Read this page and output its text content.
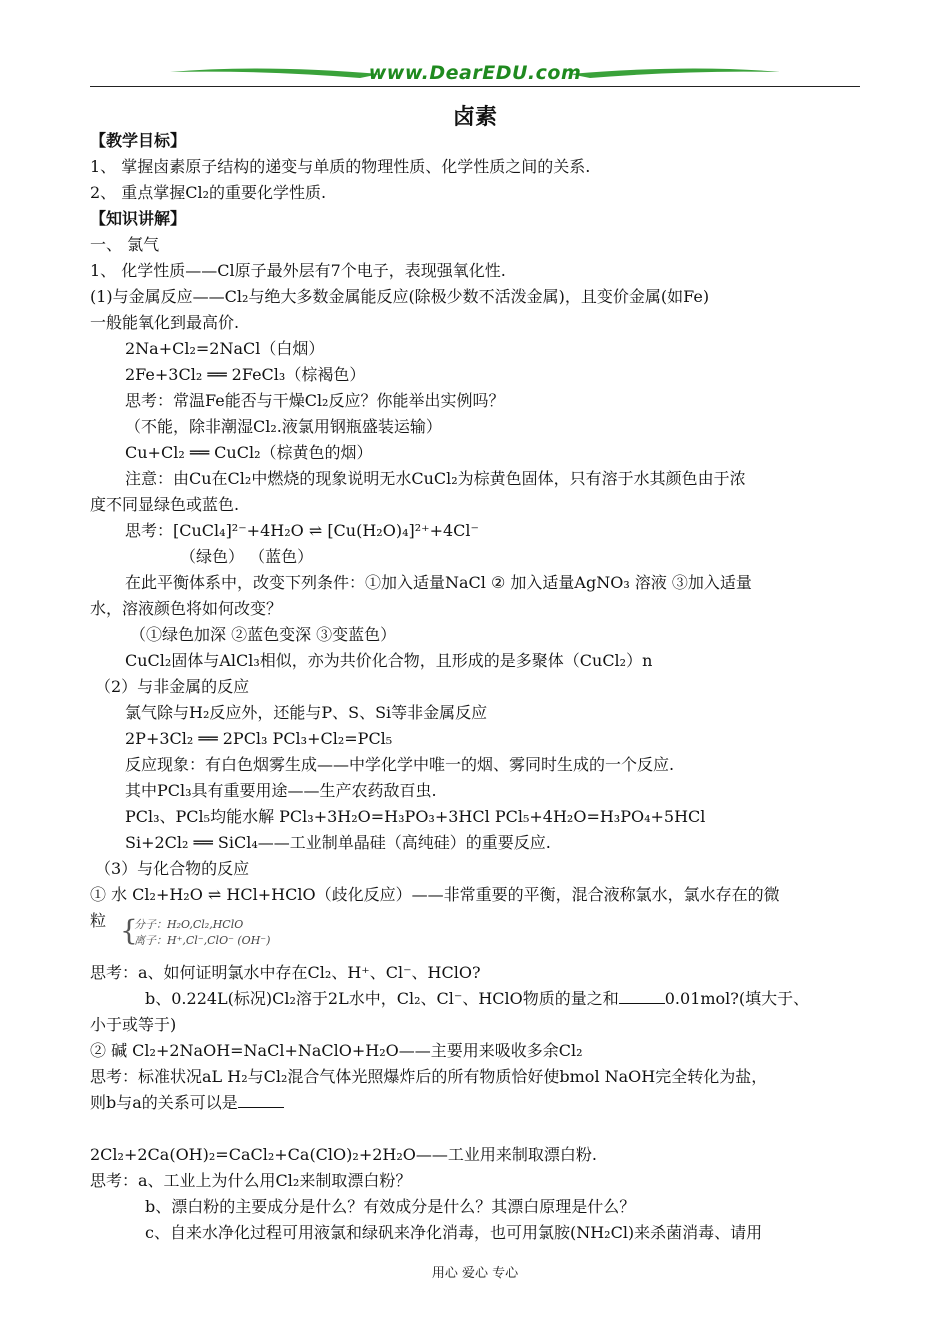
www.DearEDU.com
卤素
【教学目标】
1、 掌握卤素原子结构的递变与单质的物理性质、化学性质之间的关系.
2、 重点掌握Cl₂的重要化学性质.
【知识讲解】
一、 氯气
1、 化学性质——Cl原子最外层有7个电子，表现强氧化性.
(1)与金属反应——Cl₂与绝大多数金属能反应(除极少数不活泼金属)，且变价金属(如Fe)
一般能氧化到最高价.
2Na+Cl₂=2NaCl（白烟）
2Fe+3Cl₂ ══ 2FeCl₃（棕褐色）
思考：常温Fe能否与干燥Cl₂反应？你能举出实例吗？
（不能，除非潮湿Cl₂.液氯用钢瓶盛装运输）
Cu+Cl₂ ══ CuCl₂（棕黄色的烟）
注意：由Cu在Cl₂中燃烧的现象说明无水CuCl₂为棕黄色固体，只有溶于水其颜色由于浓
度不同显绿色或蓝色.
思考：[CuCl₄]²⁻+4H₂O ⇌ [Cu(H₂O)₄]²⁺+4Cl⁻
（绿色） （蓝色）
在此平衡体系中，改变下列条件：①加入适量NaCl ② 加入适量AgNO₃ 溶液 ③加入适量
水，溶液颜色将如何改变？
（①绿色加深 ②蓝色变深 ③变蓝色）
CuCl₂固体与AlCl₃相似，亦为共价化合物，且形成的是多聚体（CuCl₂）n
（2）与非金属的反应
氯气除与H₂反应外，还能与P、S、Si等非金属反应
2P+3Cl₂ ══ 2PCl₃ PCl₃+Cl₂=PCl₅
反应现象：有白色烟雾生成——中学化学中唯一的烟、雾同时生成的一个反应.
其中PCl₃具有重要用途——生产农药敌百虫.
PCl₃、PCl₅均能水解 PCl₃+3H₂O=H₃PO₃+3HCl PCl₅+4H₂O=H₃PO₄+5HCl
Si+2Cl₂ ══ SiCl₄——工业制单晶硅（高纯硅）的重要反应.
（3）与化合物的反应
① 水 Cl₂+H₂O ⇌ HCl+HClO（歧化反应）——非常重要的平衡，混合液称氯水，氯水存在的微
粒 {
分子：H₂O,Cl₂,HClO
离子：H⁺,Cl⁻,ClO⁻ (OH⁻)
思考：a、如何证明氯水中存在Cl₂、H⁺、Cl⁻、HClO?
b、0.224L(标况)Cl₂溶于2L水中，Cl₂、Cl⁻、HClO物质的量之和	0.01mol?(填大于、
小于或等于)
② 碱 Cl₂+2NaOH=NaCl+NaClO+H₂O——主要用来吸收多余Cl₂
思考：标准状况aL H₂与Cl₂混合气体光照爆炸后的所有物质恰好使bmol NaOH完全转化为盐，
则b与a的关系可以是
2Cl₂+2Ca(OH)₂=CaCl₂+Ca(ClO)₂+2H₂O——工业用来制取漂白粉.
思考：a、工业上为什么用Cl₂来制取漂白粉？
b、漂白粉的主要成分是什么？有效成分是什么？其漂白原理是什么？
c、自来水净化过程可用液氯和绿矾来净化消毒，也可用氯胺(NH₂Cl)来杀菌消毒、请用
用心 爱心 专心
